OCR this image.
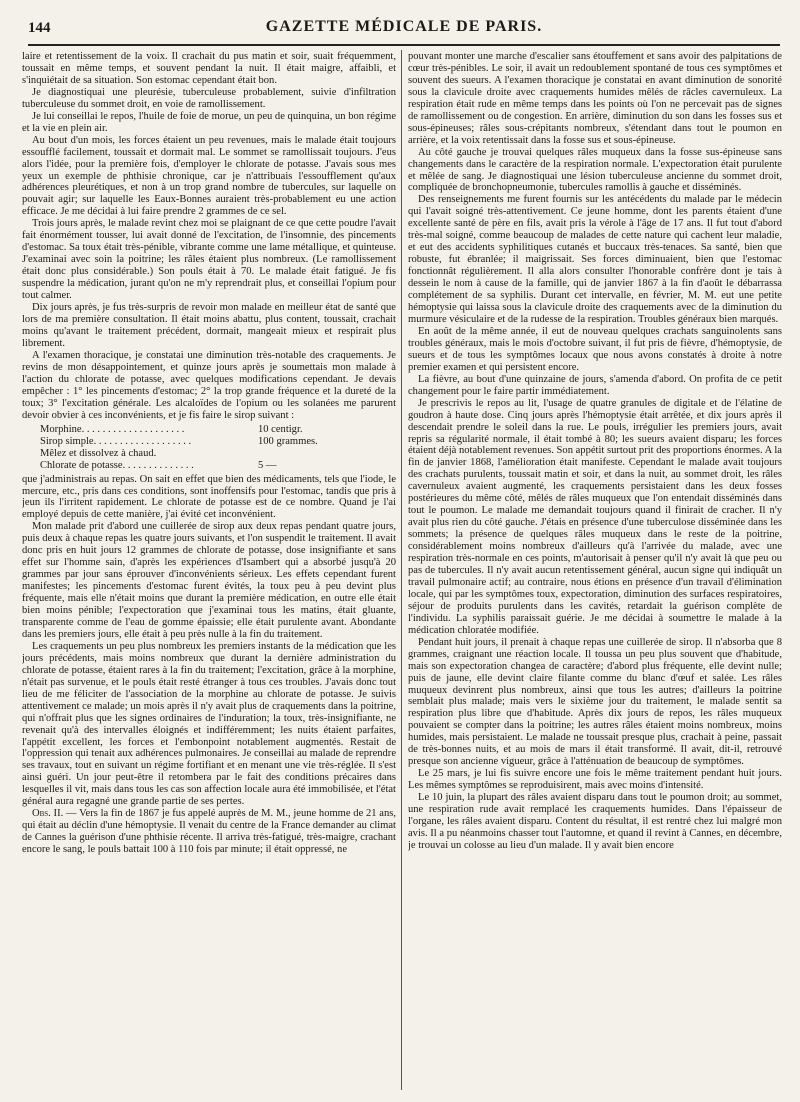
144	GAZETTE MÉDICALE DE PARIS.

laire et retentissement de la voix. Il crachait du pus matin et soir, suait fréquemment, toussait en même temps, et souvent pendant la nuit. Il était maigre, affaibli, et s'inquiétait de sa situation. Son estomac cependant était bon.

Je diagnostiquai une pleurésie, tuberculeuse probablement, suivie d'infiltration tuberculeuse du sommet droit, en voie de ramollissement.

Je lui conseillai le repos, l'huile de foie de morue, un peu de quinquina, un bon régime et la vie en plein air.

Au bout d'un mois, les forces étaient un peu revenues, mais le malade était toujours essoufflé facilement, toussait et dormait mal. Le sommet se ramollissait toujours. J'eus alors l'idée, pour la première fois, d'employer le chlorate de potasse. J'avais sous mes yeux un exemple de phthisie chronique, car je n'attribuais l'essoufflement qu'aux adhérences pleurétiques, et non à un trop grand nombre de tubercules, sur laquelle on pouvait agir; sur laquelle les Eaux-Bonnes auraient très-probablement eu une action efficace. Je me décidai à lui faire prendre 2 grammes de ce sel.

Trois jours après, le malade revint chez moi se plaignant de ce que cette poudre l'avait fait énormément tousser, lui avait donné de l'excitation, de l'insomnie, des pincements d'estomac. Sa toux était très-pénible, vibrante comme une lame métallique, et quinteuse. J'examinai avec soin la poitrine; les râles étaient plus nombreux. (Le ramollissement était donc plus considérable.) Son pouls était à 70. Le malade était fatigué. Je fis suspendre la médication, jurant qu'on ne m'y reprendrait plus, et conseillai l'opium pour tout calmer.

Dix jours après, je fus très-surpris de revoir mon malade en meilleur état de santé que lors de ma première consultation. Il était moins abattu, plus content, toussait, crachait moins qu'avant le traitement précédent, dormait, mangeait mieux et respirait plus librement.

A l'examen thoracique, je constatai une diminution très-notable des craquements. Je revins de mon désappointement, et quinze jours après je soumettais mon malade à l'action du chlorate de potasse, avec quelques modifications cependant. Je devais empêcher : 1° les pincements d'estomac; 2° la trop grande fréquence et la dureté de la toux; 3° l'excitation générale. Les alcaloïdes de l'opium ou les solanées me parurent devoir obvier à ces inconvénients, et je fis faire le sirop suivant :

Morphine. . . . . . . . . . . . . . . . . . . .	10 centigr.
Sirop simple. . . . . . . . . . . . . . . . . . .	100 grammes.
Mêlez et dissolvez à chaud.
Chlorate de potasse. . . . . . . . . . . . . .	5 —

que j'administrais au repas. On sait en effet que bien des médicaments, tels que l'iode, le mercure, etc., pris dans ces conditions, sont inoffensifs pour l'estomac, tandis que pris à jeun ils l'irritent rapidement. Le chlorate de potasse est de ce nombre. Quand je l'ai employé depuis de cette manière, j'ai évité cet inconvénient.

Mon malade prit d'abord une cuillerée de sirop aux deux repas pendant quatre jours, puis deux à chaque repas les quatre jours suivants, et l'on suspendit le traitement. Il avait donc pris en huit jours 12 grammes de chlorate de potasse, dose insignifiante et sans effet sur l'homme sain, d'après les expériences d'Isambert qui a absorbé jusqu'à 20 grammes par jour sans éprouver d'inconvénients sérieux. Les effets cependant furent manifestes; les pincements d'estomac furent évités, la toux peu à peu devint plus fréquente, mais elle n'était moins que durant la première médication, en outre elle était bien moins pénible; l'expectoration que j'examinai tous les matins, était gluante, transparente comme de l'eau de gomme épaissie; elle était purulente avant. Abondante dans les premiers jours, elle était à peu près nulle à la fin du traitement.

Les craquements un peu plus nombreux les premiers instants de la médication que les jours précédents, mais moins nombreux que durant la dernière administration du chlorate de potasse, étaient rares à la fin du traitement; l'excitation, grâce à la morphine, n'était pas survenue, et le pouls était resté étranger à tous ces troubles. J'avais donc tout lieu de me féliciter de l'association de la morphine au chlorate de potasse. Je suivis attentivement ce malade; un mois après il n'y avait plus de craquements dans la poitrine, qui n'offrait plus que les signes ordinaires de l'induration; la toux, très-insignifiante, ne revenait qu'à des intervalles éloignés et indifféremment; les nuits étaient parfaites, l'appétit excellent, les forces et l'embonpoint notablement augmentés. Restait de l'oppression qui tenait aux adhérences pulmonaires. Je conseillai au malade de reprendre ses travaux, tout en suivant un régime fortifiant et en menant une vie très-réglée. Il s'est ainsi guéri. Un jour peut-être il retombera par le fait des conditions précaires dans lesquelles il vit, mais dans tous les cas son affection locale aura été immobilisée, et l'état général aura regagné une grande partie de ses pertes.

Obs. II. — Vers la fin de 1867 je fus appelé auprès de M. M., jeune homme de 21 ans, qui était au déclin d'une hémoptysie. Il venait du centre de la France demander au climat de Cannes la guérison d'une phthisie récente. Il arriva très-fatigué, très-maigre, crachant encore le sang, le pouls battait 100 à 110 fois par minute; il était oppressé, ne

pouvant monter une marche d'escalier sans étouffement et sans avoir des palpitations de cœur très-pénibles. Le soir, il avait un redoublement spontané de tous ces symptômes et souvent des sueurs. A l'examen thoracique je constatai en avant diminution de sonorité sous la clavicule droite avec craquements humides mêlés de râcles cavernuleux. La respiration était rude en même temps dans les points où l'on ne percevait pas de signes de ramollissement ou de congestion. En arrière, diminution du son dans les fosses sus et sous-épineuses; râles sous-crépitants nombreux, s'étendant dans tout le poumon en arrière, et la voix retentissait dans la fosse sus et sous-épineuse.

Au côté gauche je trouvai quelques râles muqueux dans la fosse sus-épineuse sans changements dans le caractère de la respiration normale. L'expectoration était purulente et mêlée de sang. Je diagnostiquai une lésion tuberculeuse ancienne du sommet droit, compliquée de bronchopneumonie, tubercules ramollis à gauche et disséminés.

Des renseignements me furent fournis sur les antécédents du malade par le médecin qui l'avait soigné très-attentivement. Ce jeune homme, dont les parents étaient d'une excellente santé de père en fils, avait pris la vérole à l'âge de 17 ans. Il fut tout d'abord très-mal soigné, comme beaucoup de malades de cette nature qui cachent leur maladie, et eut des accidents syphilitiques cutanés et buccaux très-tenaces. Sa santé, bien que robuste, fut ébranlée; il maigrissait. Ses forces diminuaient, bien que l'estomac fonctionnât régulièrement. Il alla alors consulter l'honorable confrère dont je tais à dessein le nom à cause de la famille, qui de janvier 1867 à la fin d'août le débarrassa complétement de sa syphilis. Durant cet intervalle, en février, M. M. eut une petite hémoptysie qui laissa sous la clavicule droite des craquements avec de la diminution du murmure vésiculaire et de la rudesse de la respiration. Troubles généraux bien marqués.

En août de la même année, il eut de nouveau quelques crachats sanguinolents sans troubles généraux, mais le mois d'octobre suivant, il fut pris de fièvre, d'hémoptysie, de sueurs et de tous les symptômes locaux que nous avons constatés à droite à notre premier examen et qui persistent encore.

La fièvre, au bout d'une quinzaine de jours, s'amenda d'abord. On profita de ce petit changement pour le faire partir immédiatement.

Je prescrivis le repos au lit, l'usage de quatre granules de digitale et de l'élatine de goudron à haute dose. Cinq jours après l'hémoptysie était arrêtée, et dix jours après il descendait prendre le soleil dans la rue. Le pouls, irrégulier les premiers jours, avait repris sa régularité normale, il était tombé à 80; les sueurs avaient disparu; les forces étaient déjà notablement revenues. Son appétit surtout prit des proportions énormes. A la fin de janvier 1868, l'amélioration était manifeste. Cependant le malade avait toujours des crachats purulents, toussait matin et soir, et dans la nuit, au sommet droit, les râles cavernuleux avaient augmenté, les craquements persistaient dans les deux fosses postérieures du même côté, mêlés de râles muqueux que l'on entendait disséminés dans tout le poumon. Le malade me demandait toujours quand il finirait de cracher. Il n'y avait plus rien du côté gauche. J'étais en présence d'une tuberculose disséminée dans les sommets; la présence de quelques râles muqueux dans le reste de la poitrine, considérablement moins nombreux d'ailleurs qu'à l'arrivée du malade, avec une respiration très-normale en ces points, m'autorisait à penser qu'il n'y avait là que peu ou pas de tubercules. Il n'y avait aucun retentissement général, aucun signe qui indiquât un travail pulmonaire actif; au contraire, nous étions en présence d'un travail d'élimination locale, qui par les symptômes toux, expectoration, diminution des surfaces respiratoires, séjour de produits purulents dans les cavités, retardait la guérison complète de l'individu. La syphilis paraissait guérie. Je me décidai à soumettre le malade à la médication chloratée modifiée.

Pendant huit jours, il prenait à chaque repas une cuillerée de sirop. Il n'absorba que 8 grammes, craignant une réaction locale. Il toussa un peu plus souvent que d'habitude, mais son expectoration changea de caractère; d'abord plus fréquente, elle devint nulle; puis de jaune, elle devint claire filante comme du blanc d'œuf et salée. Les râles muqueux devinrent plus nombreux, ainsi que tous les autres; d'ailleurs la poitrine semblait plus malade; mais vers le sixième jour du traitement, le malade sentit sa respiration plus libre que d'habitude. Après dix jours de repos, les râles muqueux pouvaient se compter dans la poitrine; les autres râles étaient moins nombreux, moins humides, mais persistaient. Le malade ne toussait presque plus, crachait à peine, passait de très-bonnes nuits, et au mois de mars il était transformé. Il avait, dit-il, retrouvé presque son ancienne vigueur, grâce à l'atténuation de beaucoup de symptômes.

Le 25 mars, je lui fis suivre encore une fois le même traitement pendant huit jours. Les mêmes symptômes se reproduisirent, mais avec moins d'intensité.

Le 10 juin, la plupart des râles avaient disparu dans tout le poumon droit; au sommet, une respiration rude avait remplacé les craquements humides. Dans l'épaisseur de l'organe, les râles avaient disparu. Content du résultat, il est rentré chez lui malgré mon avis. Il a pu néanmoins chasser tout l'automne, et quand il revint à Cannes, en décembre, je trouvai un colosse au lieu d'un malade. Il y avait bien encore
